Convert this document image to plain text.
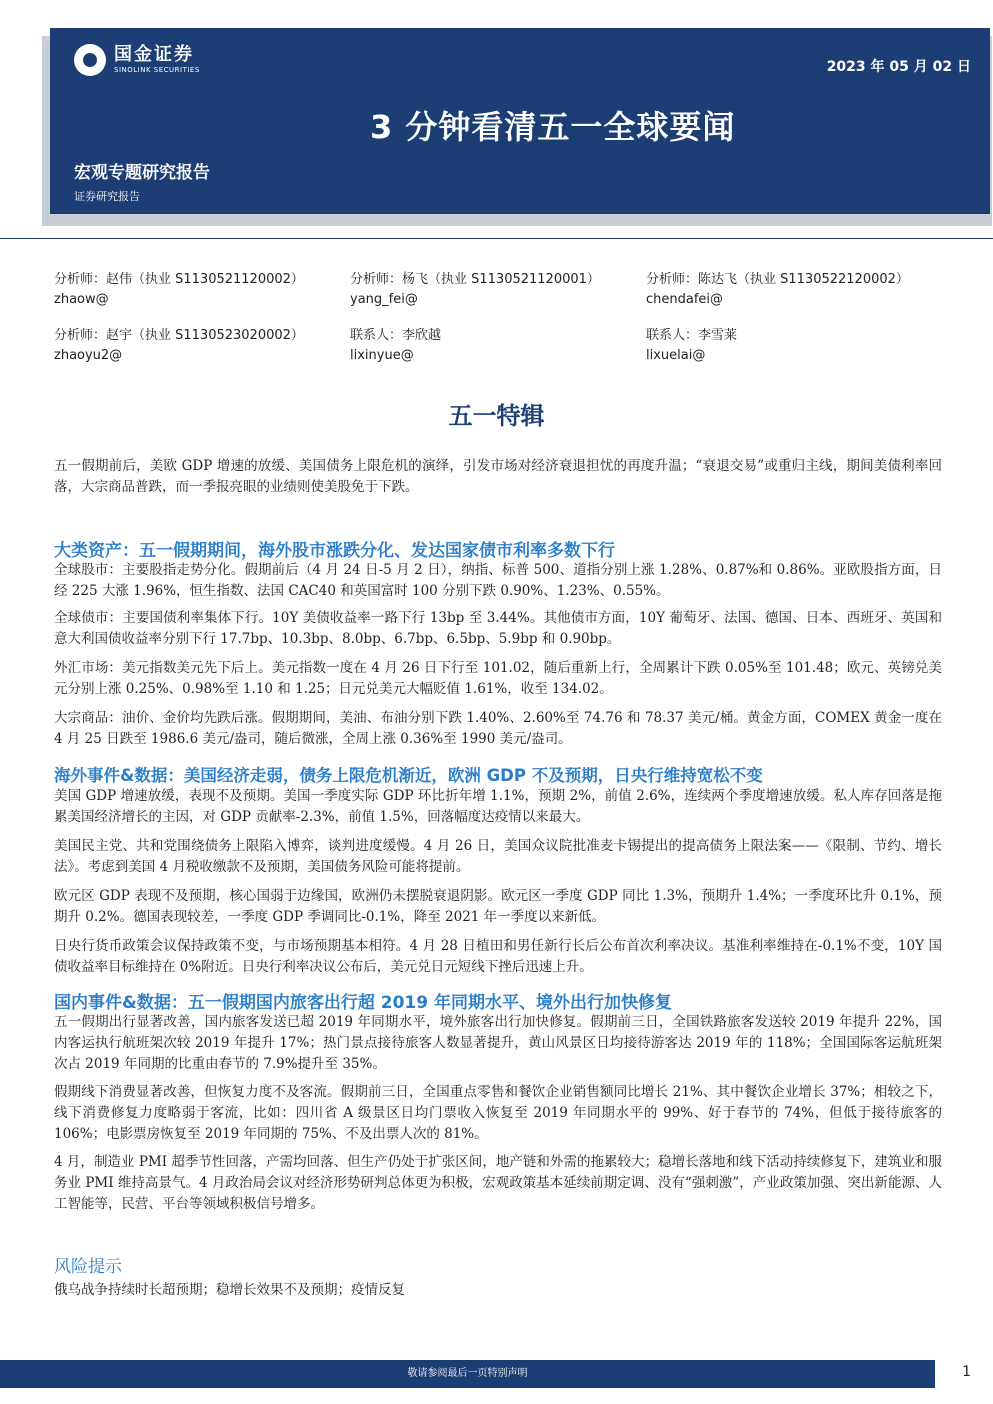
国金证券
SINOLINK SECURITIES	2023 年 05 月 02 日
3 分钟看清五一全球要闻
宏观专题研究报告
证券研究报告
分析师：赵伟（执业 S1130521120002）
zhaow@
分析师：杨飞（执业 S1130521120001）
yang_fei@
分析师：陈达飞（执业 S1130522120002）
chendafei@
分析师：赵宇（执业 S1130523020002）
zhaoyu2@
联系人：李欣越
lixinyue@
联系人：李雪莱
lixuelai@
五一特辑

五一假期前后，美欧 GDP 增速的放缓、美国债务上限危机的演绎，引发市场对经济衰退担忧的再度升温；“衰退交易”或重归主线，期间美债利率回落，大宗商品普跌，而一季报亮眼的业绩则使美股免于下跌。

大类资产：五一假期期间，海外股市涨跌分化、发达国家债市利率多数下行

全球股市：主要股指走势分化。假期前后（4 月 24 日-5 月 2 日），纳指、标普 500、道指分别上涨 1.28%、0.87%和 0.86%。亚欧股指方面，日经 225 大涨 1.96%，恒生指数、法国 CAC40 和英国富时 100 分别下跌 0.90%、1.23%、0.55%。

全球债市：主要国债利率集体下行。10Y 美债收益率一路下行 13bp 至 3.44%。其他债市方面，10Y 葡萄牙、法国、德国、日本、西班牙、英国和意大利国债收益率分别下行 17.7bp、10.3bp、8.0bp、6.7bp、6.5bp、5.9bp 和 0.90bp。

外汇市场：美元指数美元先下后上。美元指数一度在 4 月 26 日下行至 101.02，随后重新上行，全周累计下跌 0.05%至 101.48；欧元、英镑兑美元分别上涨 0.25%、0.98%至 1.10 和 1.25；日元兑美元大幅贬值 1.61%，收至 134.02。

大宗商品：油价、金价均先跌后涨。假期期间，美油、布油分别下跌 1.40%、2.60%至 74.76 和 78.37 美元/桶。黄金方面，COMEX 黄金一度在 4 月 25 日跌至 1986.6 美元/盎司，随后微涨，全周上涨 0.36%至 1990 美元/盎司。

海外事件&数据：美国经济走弱，债务上限危机渐近，欧洲 GDP 不及预期，日央行维持宽松不变

美国 GDP 增速放缓，表现不及预期。美国一季度实际 GDP 环比折年增 1.1%，预期 2%，前值 2.6%，连续两个季度增速放缓。私人库存回落是拖累美国经济增长的主因，对 GDP 贡献率-2.3%，前值 1.5%，回落幅度达疫情以来最大。

美国民主党、共和党围绕债务上限陷入博弈，谈判进度缓慢。4 月 26 日，美国众议院批准麦卡锡提出的提高债务上限法案——《限制、节约、增长法》。考虑到美国 4 月税收缴款不及预期，美国债务风险可能将提前。

欧元区 GDP 表现不及预期，核心国弱于边缘国，欧洲仍未摆脱衰退阴影。欧元区一季度 GDP 同比 1.3%，预期升 1.4%；一季度环比升 0.1%，预期升 0.2%。德国表现较差，一季度 GDP 季调同比-0.1%，降至 2021 年一季度以来新低。

日央行货币政策会议保持政策不变，与市场预期基本相符。4 月 28 日植田和男任新行长后公布首次利率决议。基准利率维持在-0.1%不变，10Y 国债收益率目标维持在 0%附近。日央行利率决议公布后，美元兑日元短线下挫后迅速上升。

国内事件&数据：五一假期国内旅客出行超 2019 年同期水平、境外出行加快修复

五一假期出行显著改善，国内旅客发送已超 2019 年同期水平，境外旅客出行加快修复。假期前三日，全国铁路旅客发送较 2019 年提升 22%，国内客运执行航班架次较 2019 年提升 17%；热门景点接待旅客人数显著提升，黄山风景区日均接待游客达 2019 年的 118%；全国国际客运航班架次占 2019 年同期的比重由春节的 7.9%提升至 35%。

假期线下消费显著改善，但恢复力度不及客流。假期前三日，全国重点零售和餐饮企业销售额同比增长 21%、其中餐饮企业增长 37%；相较之下，线下消费修复力度略弱于客流，比如：四川省 A 级景区日均门票收入恢复至 2019 年同期水平的 99%、好于春节的 74%，但低于接待旅客的 106%；电影票房恢复至 2019 年同期的 75%、不及出票人次的 81%。

4 月，制造业 PMI 超季节性回落，产需均回落、但生产仍处于扩张区间，地产链和外需的拖累较大；稳增长落地和线下活动持续修复下，建筑业和服务业 PMI 维持高景气。4 月政治局会议对经济形势研判总体更为积极，宏观政策基本延续前期定调、没有“强刺激”，产业政策加强、突出新能源、人工智能等，民营、平台等领域积极信号增多。

风险提示

俄乌战争持续时长超预期；稳增长效果不及预期；疫情反复

敬请参阅最后一页特别声明	1
